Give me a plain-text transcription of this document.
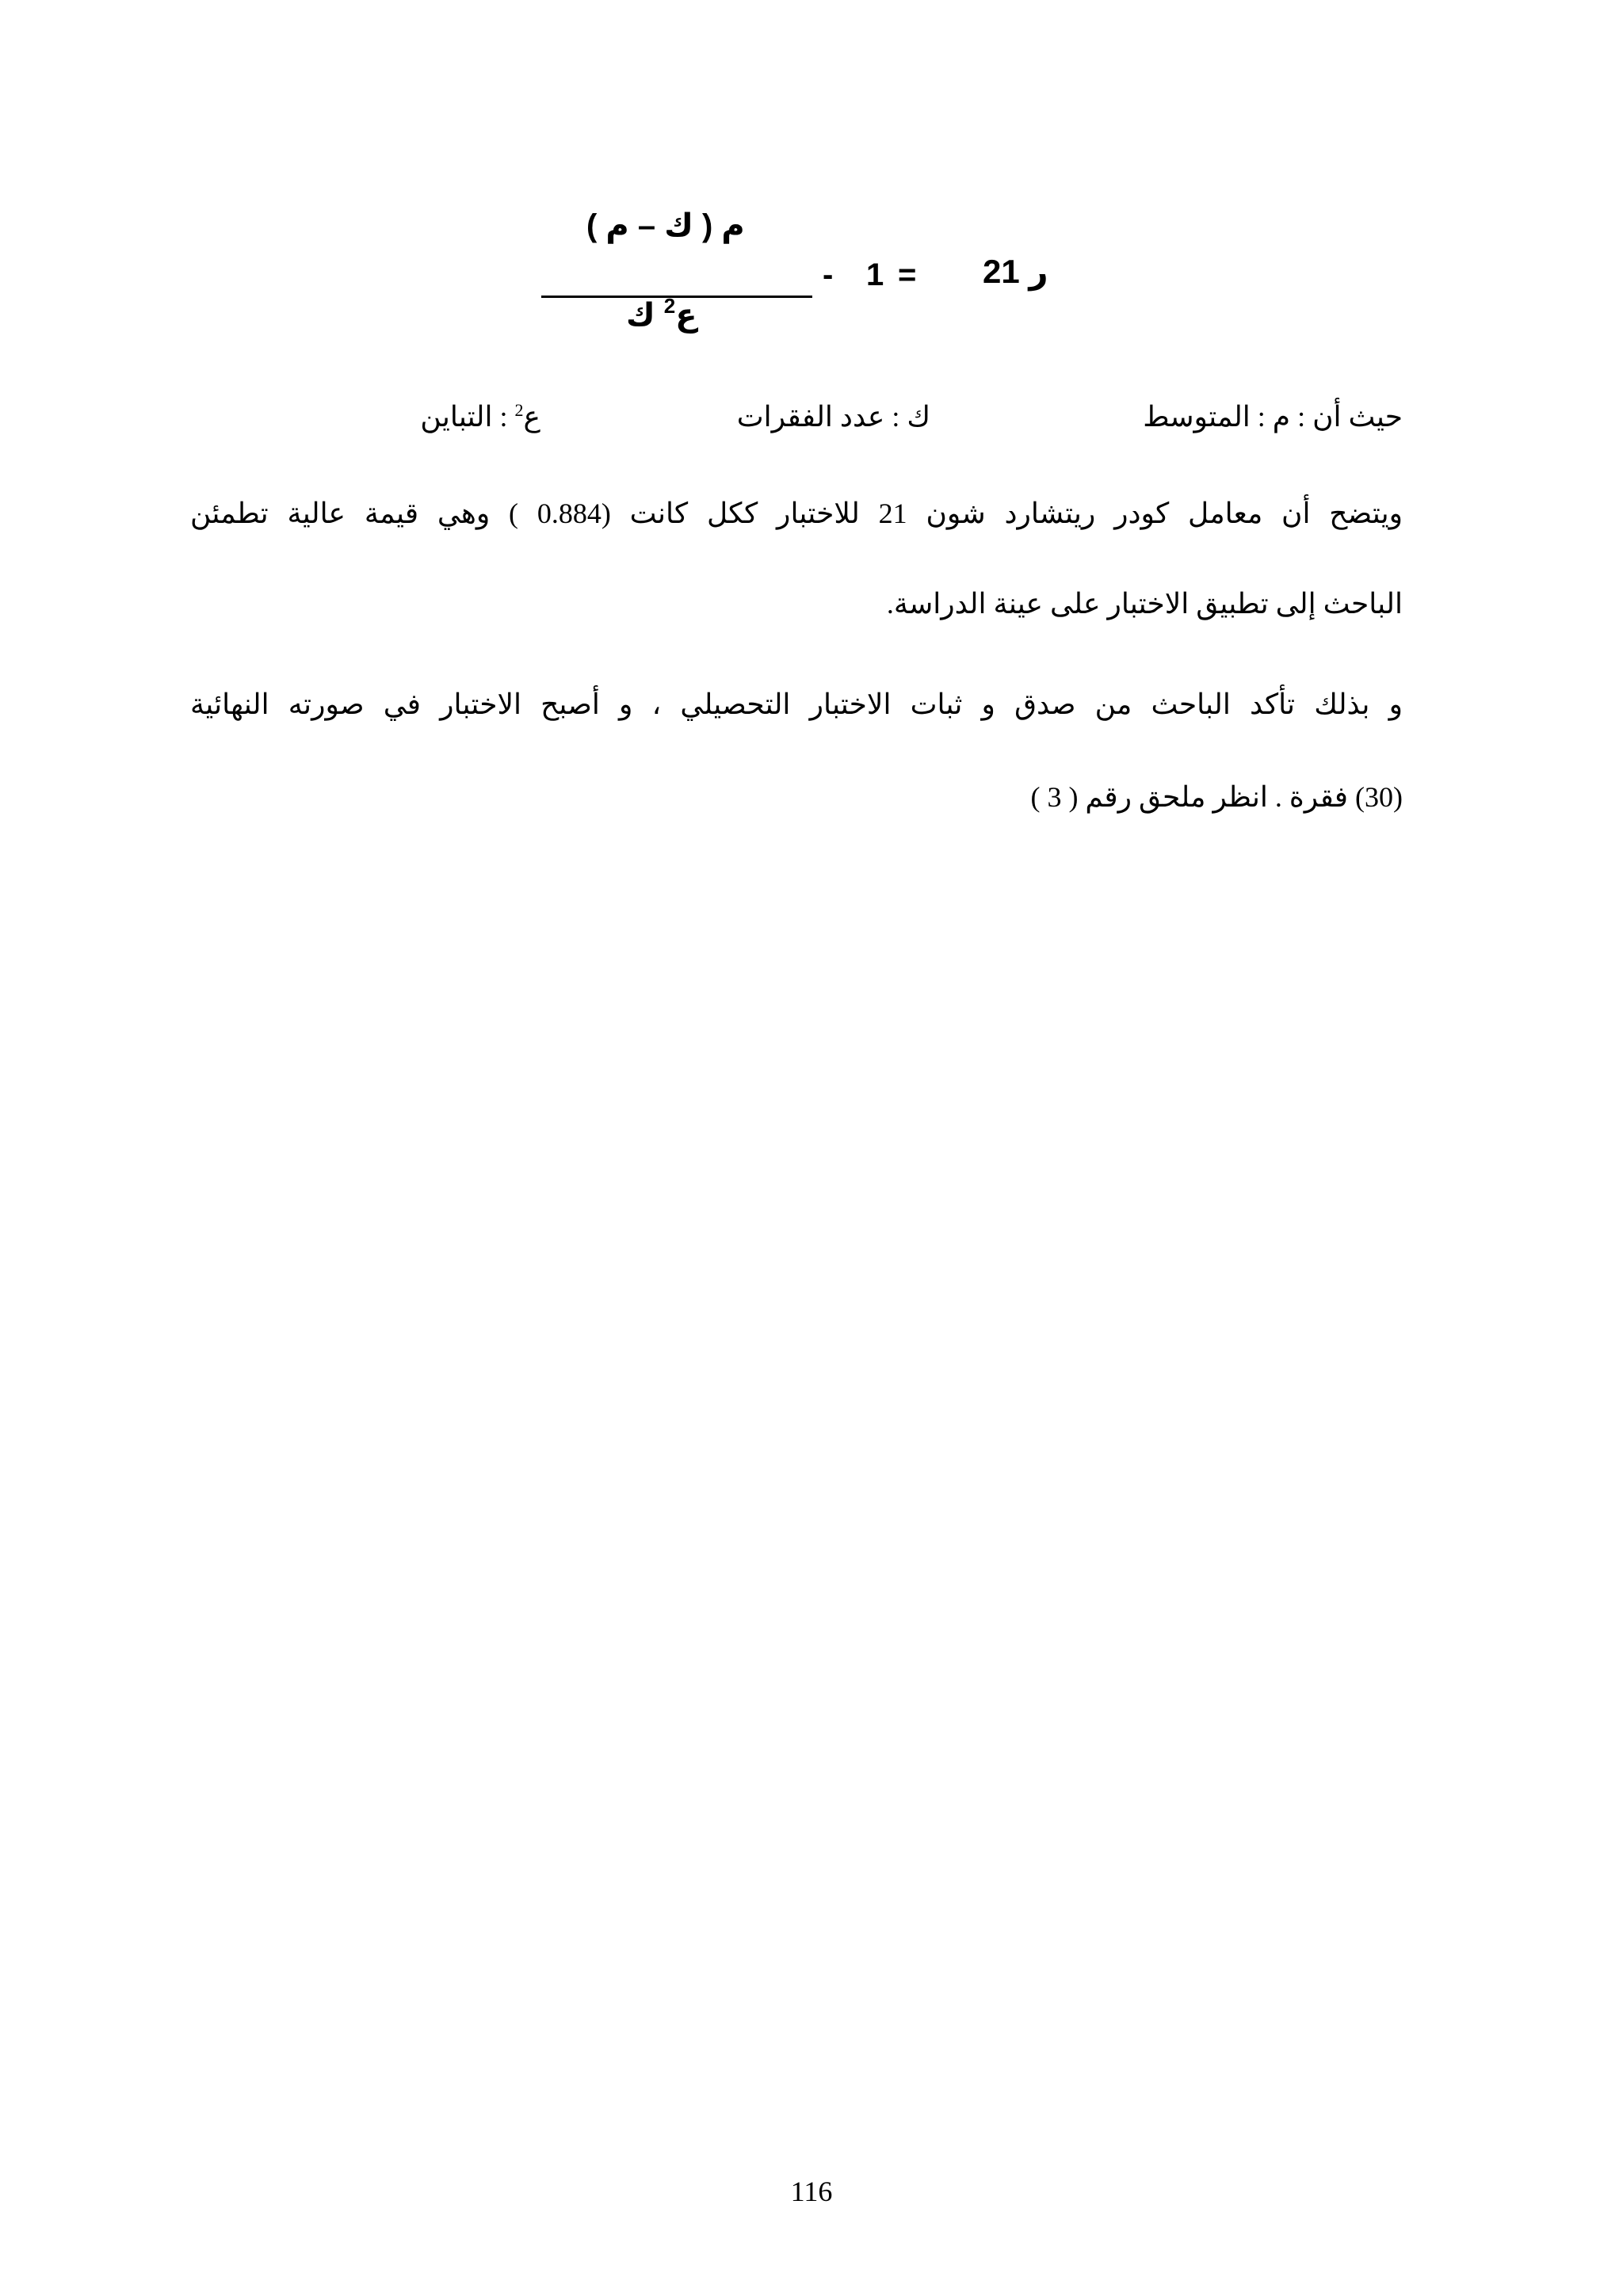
م ( ك – م )
ع$^2$ ك
- 1 = ر 21
حيث أن : م : المتوسط
ك : عدد الفقرات
ع$^2$ : التباين
ويتضح أن معامل كودر ريتشارد شون 21 للاختبار ككل كانت (0.884 ) وهي قيمة عالية تطمئن
الباحث إلى تطبيق الاختبار على عينة الدراسة.
و بذلك تأكد الباحث من صدق و ثبات الاختبار التحصيلي ، و أصبح الاختبار في صورته النهائية
(30) فقرة . انظر ملحق رقم ( 3 )
116
